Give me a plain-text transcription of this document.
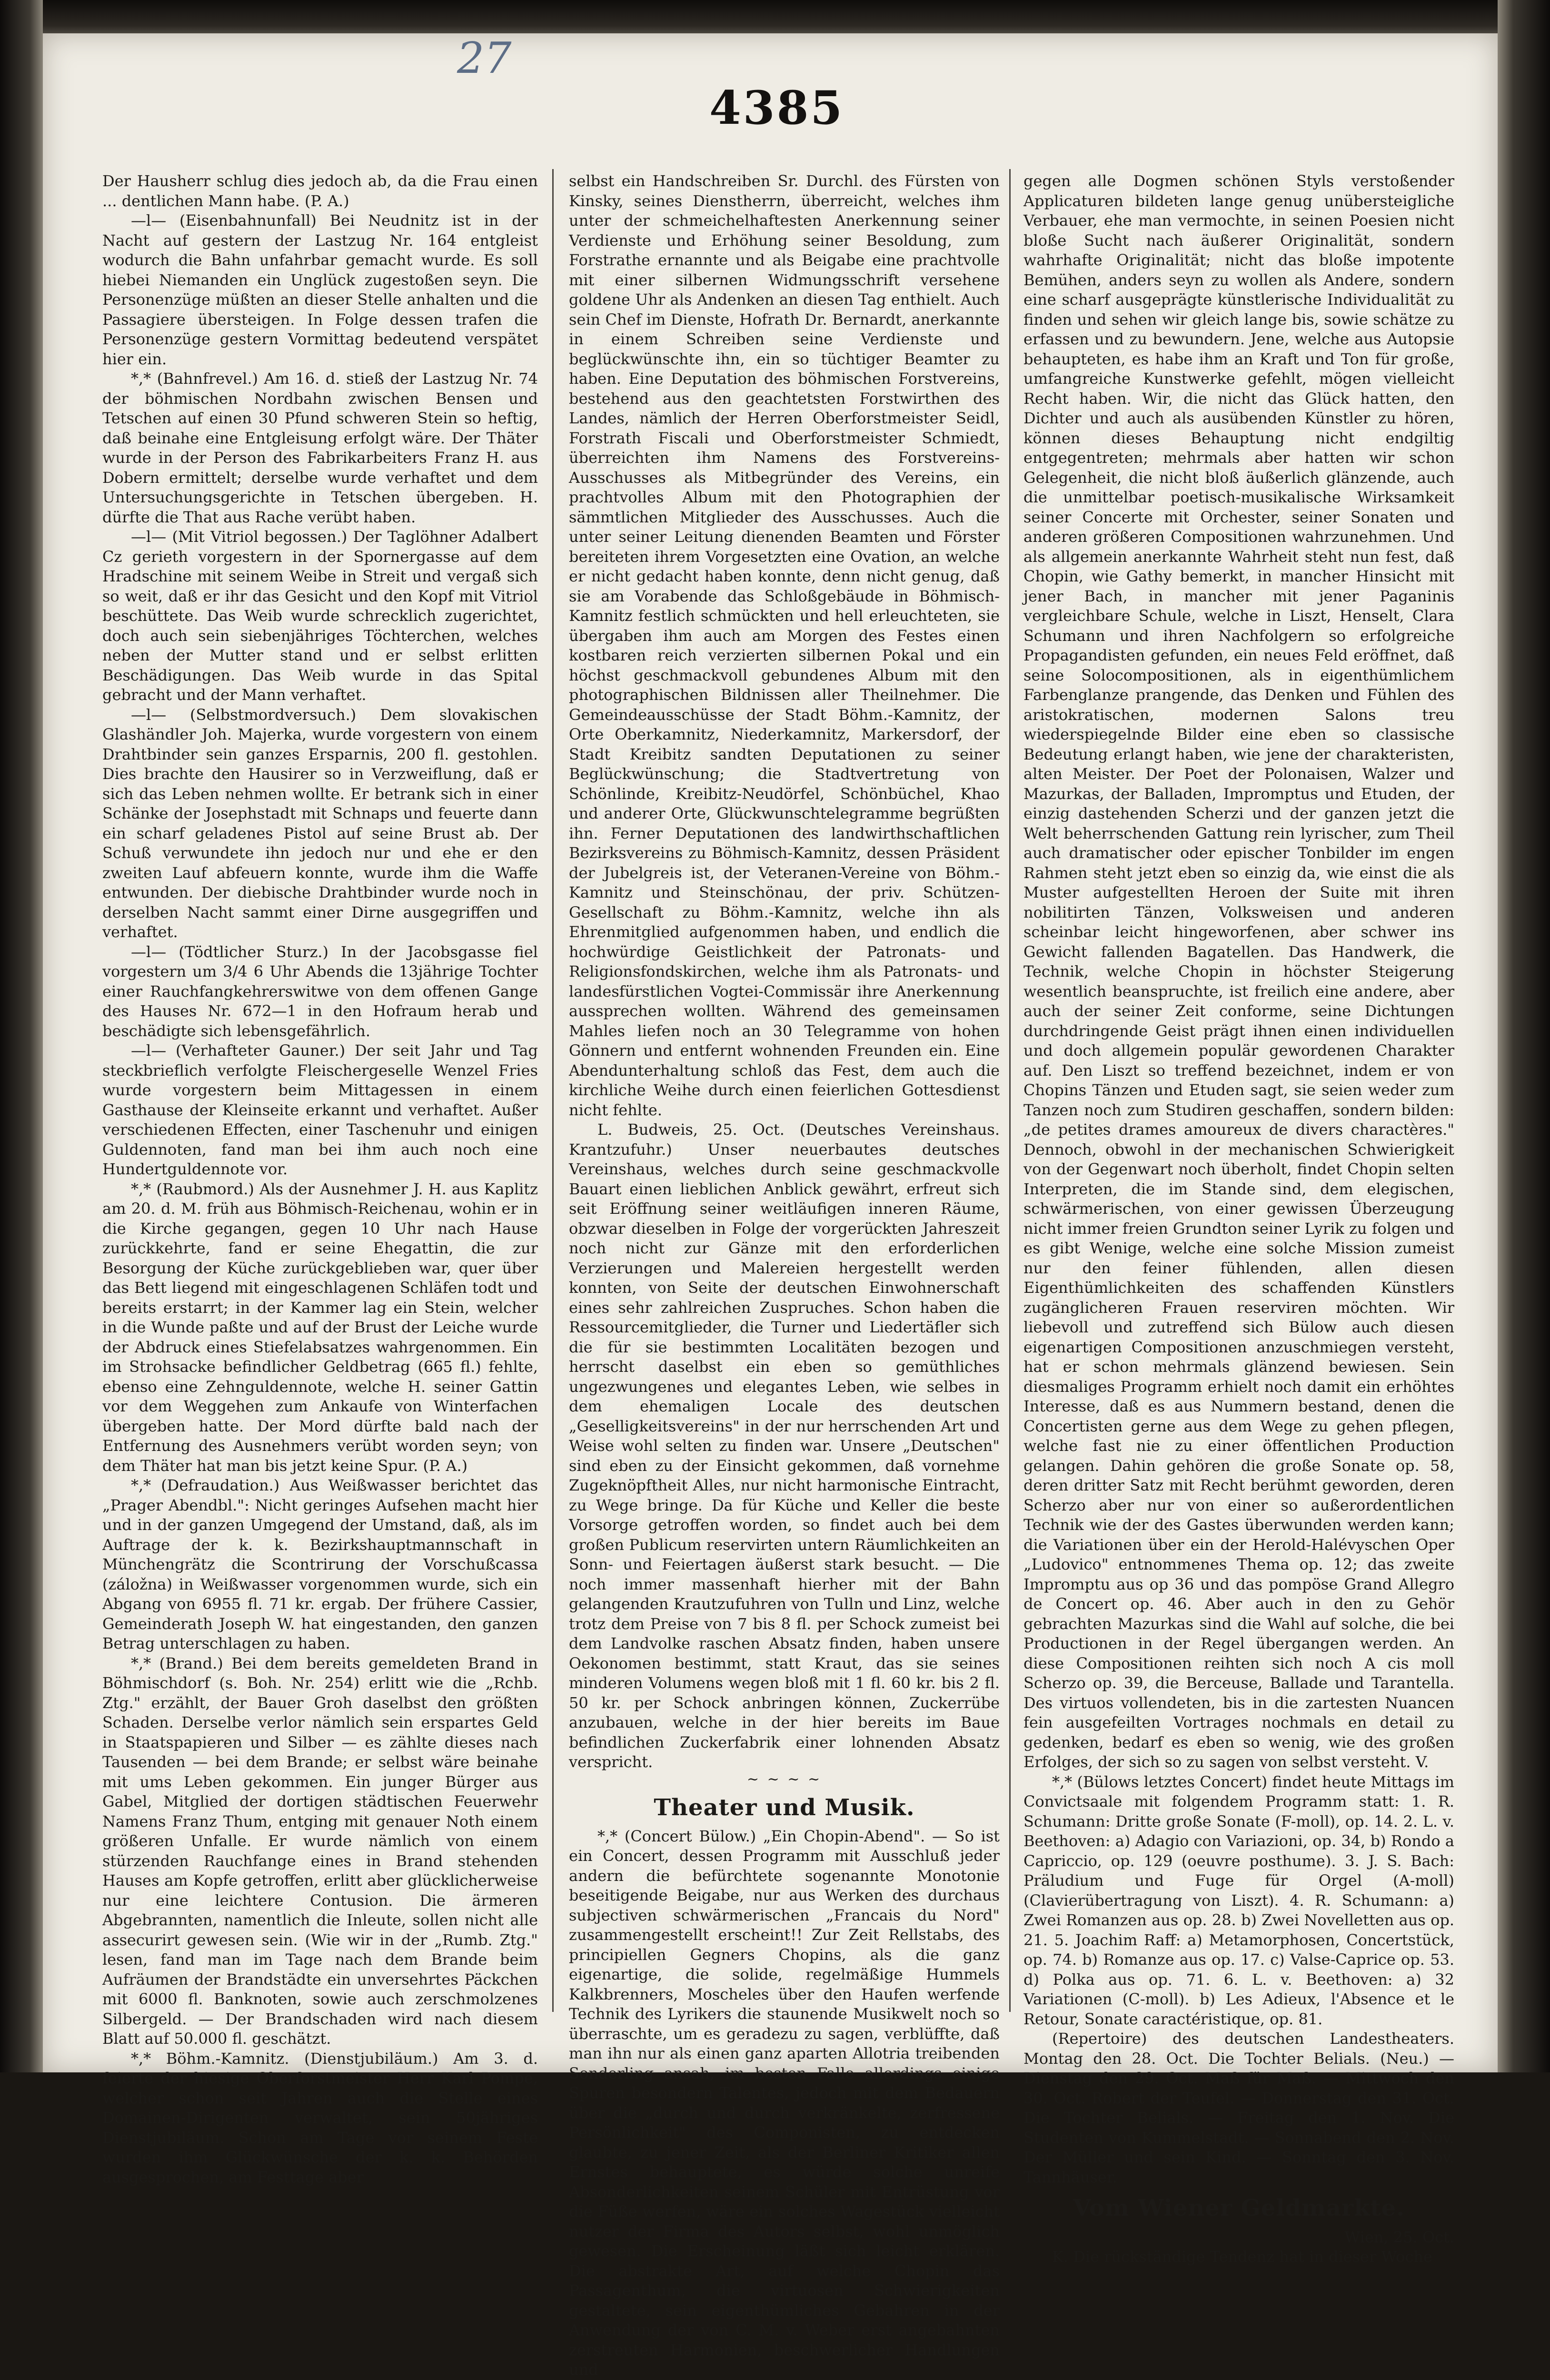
27
4385

Der Hausherr schlug dies jedoch ab, da die Frau einen ... dentlichen Mann habe. (P. A.)

—l— (Eisenbahnunfall) Bei Neudnitz ist in der Nacht auf gestern der Lastzug Nr. 164 entgleist wodurch die Bahn unfahrbar gemacht wurde. Es soll hiebei Niemanden ein Unglück zugestoßen seyn. Die Personenzüge müßten an dieser Stelle anhalten und die Passagiere übersteigen. In Folge dessen trafen die Personenzüge gestern Vormittag bedeutend verspätet hier ein.

*,* (Bahnfrevel.) Am 16. d. stieß der Lastzug Nr. 74 der böhmischen Nordbahn zwischen Bensen und Tetschen auf einen 30 Pfund schweren Stein so heftig, daß beinahe eine Entgleisung erfolgt wäre. Der Thäter wurde in der Person des Fabrikarbeiters Franz H. aus Dobern ermittelt; derselbe wurde verhaftet und dem Untersuchungsgerichte in Tetschen übergeben. H. dürfte die That aus Rache verübt haben.

—l— (Mit Vitriol begossen.) Der Taglöhner Adalbert Cz gerieth vorgestern in der Spornergasse auf dem Hradschine mit seinem Weibe in Streit und vergaß sich so weit, daß er ihr das Gesicht und den Kopf mit Vitriol beschüttete. Das Weib wurde schrecklich zugerichtet, doch auch sein siebenjähriges Töchterchen, welches neben der Mutter stand und er selbst erlitten Beschädigungen. Das Weib wurde in das Spital gebracht und der Mann verhaftet.

—l— (Selbstmordversuch.) Dem slovakischen Glashändler Joh. Majerka, wurde vorgestern von einem Drahtbinder sein ganzes Ersparnis, 200 fl. gestohlen. Dies brachte den Hausirer so in Verzweiflung, daß er sich das Leben nehmen wollte. Er betrank sich in einer Schänke der Josephstadt mit Schnaps und feuerte dann ein scharf geladenes Pistol auf seine Brust ab. Der Schuß verwundete ihn jedoch nur und ehe er den zweiten Lauf abfeuern konnte, wurde ihm die Waffe entwunden. Der diebische Drahtbinder wurde noch in derselben Nacht sammt einer Dirne ausgegriffen und verhaftet.

—l— (Tödtlicher Sturz.) In der Jacobsgasse fiel vorgestern um 3/4 6 Uhr Abends die 13jährige Tochter einer Rauchfangkehrerswitwe von dem offenen Gange des Hauses Nr. 672—1 in den Hofraum herab und beschädigte sich lebensgefährlich.

—l— (Verhafteter Gauner.) Der seit Jahr und Tag steckbrieflich verfolgte Fleischergeselle Wenzel Fries wurde vorgestern beim Mittagessen in einem Gasthause der Kleinseite erkannt und verhaftet. Außer verschiedenen Effecten, einer Taschenuhr und einigen Guldennoten, fand man bei ihm auch noch eine Hundertguldennote vor.

*,* (Raubmord.) Als der Ausnehmer J. H. aus Kaplitz am 20. d. M. früh aus Böhmisch-Reichenau, wohin er in die Kirche gegangen, gegen 10 Uhr nach Hause zurückkehrte, fand er seine Ehegattin, die zur Besorgung der Küche zurückgeblieben war, quer über das Bett liegend mit eingeschlagenen Schläfen todt und bereits erstarrt; in der Kammer lag ein Stein, welcher in die Wunde paßte und auf der Brust der Leiche wurde der Abdruck eines Stiefelabsatzes wahrgenommen. Ein im Strohsacke befindlicher Geldbetrag (665 fl.) fehlte, ebenso eine Zehnguldennote, welche H. seiner Gattin vor dem Weggehen zum Ankaufe von Winterfachen übergeben hatte. Der Mord dürfte bald nach der Entfernung des Ausnehmers verübt worden seyn; von dem Thäter hat man bis jetzt keine Spur. (P. A.)

*,* (Defraudation.) Aus Weißwasser berichtet das „Prager Abendbl.": Nicht geringes Aufsehen macht hier und in der ganzen Umgegend der Umstand, daß, als im Auftrage der k. k. Bezirkshauptmannschaft in Münchengrätz die Scontrirung der Vorschußcassa (záložna) in Weißwasser vorgenommen wurde, sich ein Abgang von 6955 fl. 71 kr. ergab. Der frühere Cassier, Gemeinderath Joseph W. hat eingestanden, den ganzen Betrag unterschlagen zu haben.

*,* (Brand.) Bei dem bereits gemeldeten Brand in Böhmischdorf (s. Boh. Nr. 254) erlitt wie die „Rchb. Ztg." erzählt, der Bauer Groh daselbst den größten Schaden. Derselbe verlor nämlich sein erspartes Geld in Staatspapieren und Silber — es zählte dieses nach Tausenden — bei dem Brande; er selbst wäre beinahe mit ums Leben gekommen. Ein junger Bürger aus Gabel, Mitglied der dortigen städtischen Feuerwehr Namens Franz Thum, entging mit genauer Noth einem größeren Unfalle. Er wurde nämlich von einem stürzenden Rauchfange eines in Brand stehenden Hauses am Kopfe getroffen, erlitt aber glücklicherweise nur eine leichtere Contusion. Die ärmeren Abgebrannten, namentlich die Inleute, sollen nicht alle assecurirt gewesen sein. (Wie wir in der „Rumb. Ztg." lesen, fand man im Tage nach dem Brande beim Aufräumen der Brandstädte ein unversehrtes Päckchen mit 6000 fl. Banknoten, sowie auch zerschmolzenes Silbergeld. — Der Brandschaden wird nach diesem Blatt auf 50.000 fl. geschätzt.

*,* Böhm.-Kamnitz. (Dienstjubiläum.) Am 3. d. feierte der hiesige Oberforstmeister Herr Karl Pompe, welcher schon seit Jahren auch die Stelle eines Domainen-Dirigenten verwaltet, sein 50jähriges Dienstjubiläum. Schon am Tage vor seinem Feste wurden ihm Glückwünsche der k. k. Behörden ausgesprochen, am Festtage aber

selbst ein Handschreiben Sr. Durchl. des Fürsten von Kinsky, seines Dienstherrn, überreicht, welches ihm unter der schmeichelhaftesten Anerkennung seiner Verdienste und Erhöhung seiner Besoldung, zum Forstrathe ernannte und als Beigabe eine prachtvolle mit einer silbernen Widmungsschrift versehene goldene Uhr als Andenken an diesen Tag enthielt. Auch sein Chef im Dienste, Hofrath Dr. Bernardt, anerkannte in einem Schreiben seine Verdienste und beglückwünschte ihn, ein so tüchtiger Beamter zu haben. Eine Deputation des böhmischen Forstvereins, bestehend aus den geachtetsten Forstwirthen des Landes, nämlich der Herren Oberforstmeister Seidl, Forstrath Fiscali und Oberforstmeister Schmiedt, überreichten ihm Namens des Forstvereins-Ausschusses als Mitbegründer des Vereins, ein prachtvolles Album mit den Photographien der sämmtlichen Mitglieder des Ausschusses. Auch die unter seiner Leitung dienenden Beamten und Förster bereiteten ihrem Vorgesetzten eine Ovation, an welche er nicht gedacht haben konnte, denn nicht genug, daß sie am Vorabende das Schloßgebäude in Böhmisch-Kamnitz festlich schmückten und hell erleuchteten, sie übergaben ihm auch am Morgen des Festes einen kostbaren reich verzierten silbernen Pokal und ein höchst geschmackvoll gebundenes Album mit den photographischen Bildnissen aller Theilnehmer. Die Gemeindeausschüsse der Stadt Böhm.-Kamnitz, der Orte Oberkamnitz, Niederkamnitz, Markersdorf, der Stadt Kreibitz sandten Deputationen zu seiner Beglückwünschung; die Stadtvertretung von Schönlinde, Kreibitz-Neudörfel, Schönbüchel, Khao und anderer Orte, Glückwunschtelegramme begrüßten ihn. Ferner Deputationen des landwirthschaftlichen Bezirksvereins zu Böhmisch-Kamnitz, dessen Präsident der Jubelgreis ist, der Veteranen-Vereine von Böhm.-Kamnitz und Steinschönau, der priv. Schützen-Gesellschaft zu Böhm.-Kamnitz, welche ihn als Ehrenmitglied aufgenommen haben, und endlich die hochwürdige Geistlichkeit der Patronats- und Religionsfondskirchen, welche ihm als Patronats- und landesfürstlichen Vogtei-Commissär ihre Anerkennung aussprechen wollten. Während des gemeinsamen Mahles liefen noch an 30 Telegramme von hohen Gönnern und entfernt wohnenden Freunden ein. Eine Abendunterhaltung schloß das Fest, dem auch die kirchliche Weihe durch einen feierlichen Gottesdienst nicht fehlte.

L. Budweis, 25. Oct. (Deutsches Vereinshaus. Krantzufuhr.) Unser neuerbautes deutsches Vereinshaus, welches durch seine geschmackvolle Bauart einen lieblichen Anblick gewährt, erfreut sich seit Eröffnung seiner weitläufigen inneren Räume, obzwar dieselben in Folge der vorgerückten Jahreszeit noch nicht zur Gänze mit den erforderlichen Verzierungen und Malereien hergestellt werden konnten, von Seite der deutschen Einwohnerschaft eines sehr zahlreichen Zuspruches. Schon haben die Ressourcemitglieder, die Turner und Liedertäfler sich die für sie bestimmten Localitäten bezogen und herrscht daselbst ein eben so gemüthliches ungezwungenes und elegantes Leben, wie selbes in dem ehemaligen Locale des deutschen „Geselligkeitsvereins" in der nur herrschenden Art und Weise wohl selten zu finden war. Unsere „Deutschen" sind eben zu der Einsicht gekommen, daß vornehme Zugeknöpftheit Alles, nur nicht harmonische Eintracht, zu Wege bringe. Da für Küche und Keller die beste Vorsorge getroffen worden, so findet auch bei dem großen Publicum reservirten untern Räumlichkeiten an Sonn- und Feiertagen äußerst stark besucht. — Die noch immer massenhaft hierher mit der Bahn gelangenden Krautzufuhren von Tulln und Linz, welche trotz dem Preise von 7 bis 8 fl. per Schock zumeist bei dem Landvolke raschen Absatz finden, haben unsere Oekonomen bestimmt, statt Kraut, das sie seines minderen Volumens wegen bloß mit 1 fl. 60 kr. bis 2 fl. 50 kr. per Schock anbringen können, Zuckerrübe anzubauen, welche in der hier bereits im Baue befindlichen Zuckerfabrik einer lohnenden Absatz verspricht.

~ ~ ~ ~

Theater und Musik.

*,* (Concert Bülow.) „Ein Chopin-Abend". — So ist ein Concert, dessen Programm mit Ausschluß jeder andern die befürchtete sogenannte Monotonie beseitigende Beigabe, nur aus Werken des durchaus subjectiven schwärmerischen „Francais du Nord" zusammengestellt erscheint!! Zur Zeit Rellstabs, des principiellen Gegners Chopins, als die ganz eigenartige, die solide, regelmäßige Hummels Kalkbrenners, Moscheles über den Haufen werfende Technik des Lyrikers die staunende Musikwelt noch so überraschte, um es geradezu zu sagen, verblüffte, daß man ihn nur als einen ganz aparten Allotria treibenden Sonderling ansah, im besten Falle allerdings einige Spuren besondern Talentes, jedoch mit dem Bedauern über die „durch und durch verkränkelte, zerfressene Persönlichkeit" des Componisten, zu entdecken glaubte, zu jener Zeit, als der Berliner Kritiker allen Ernstes behauptete, es würde solche unreife Absonderlichkeiten seinem Schüler mit Entrüstung vor die Füße werfen, wäre ein solches Wagestück vielleicht nutzer der Firma des Autors selbst, wohl unmöglich gewesen. Die Erscheinung läßt sich leicht erklären. Die abstrakte Art, auf welche Chopin das Passagenthum, die virtuosen Schwierigkeiten gestaltete, sein eigenthümliches Gebahren in der Anwendung der von C. M. v. Weber erst angebahnten zerstreuten Harmonien, beschwerlicher Handlungen und

gegen alle Dogmen schönen Styls verstoßender Applicaturen bildeten lange genug unübersteigliche Verbauer, ehe man vermochte, in seinen Poesien nicht bloße Sucht nach äußerer Originalität, sondern wahrhafte Originalität; nicht das bloße impotente Bemühen, anders seyn zu wollen als Andere, sondern eine scharf ausgeprägte künstlerische Individualität zu finden und sehen wir gleich lange bis, sowie schätze zu erfassen und zu bewundern. Jene, welche aus Autopsie behaupteten, es habe ihm an Kraft und Ton für große, umfangreiche Kunstwerke gefehlt, mögen vielleicht Recht haben. Wir, die nicht das Glück hatten, den Dichter und auch als ausübenden Künstler zu hören, können dieses Behauptung nicht endgiltig entgegentreten; mehrmals aber hatten wir schon Gelegenheit, die nicht bloß äußerlich glänzende, auch die unmittelbar poetisch-musikalische Wirksamkeit seiner Concerte mit Orchester, seiner Sonaten und anderen größeren Compositionen wahrzunehmen. Und als allgemein anerkannte Wahrheit steht nun fest, daß Chopin, wie Gathy bemerkt, in mancher Hinsicht mit jener Bach, in mancher mit jener Paganinis vergleichbare Schule, welche in Liszt, Henselt, Clara Schumann und ihren Nachfolgern so erfolgreiche Propagandisten gefunden, ein neues Feld eröffnet, daß seine Solocompositionen, als in eigenthümlichem Farbenglanze prangende, das Denken und Fühlen des aristokratischen, modernen Salons treu wiederspiegelnde Bilder eine eben so classische Bedeutung erlangt haben, wie jene der charakteristen, alten Meister. Der Poet der Polonaisen, Walzer und Mazurkas, der Balladen, Impromptus und Etuden, der einzig dastehenden Scherzi und der ganzen jetzt die Welt beherrschenden Gattung rein lyrischer, zum Theil auch dramatischer oder epischer Tonbilder im engen Rahmen steht jetzt eben so einzig da, wie einst die als Muster aufgestellten Heroen der Suite mit ihren nobilitirten Tänzen, Volksweisen und anderen scheinbar leicht hingeworfenen, aber schwer ins Gewicht fallenden Bagatellen. Das Handwerk, die Technik, welche Chopin in höchster Steigerung wesentlich beanspruchte, ist freilich eine andere, aber auch der seiner Zeit conforme, seine Dichtungen durchdringende Geist prägt ihnen einen individuellen und doch allgemein populär gewordenen Charakter auf. Den Liszt so treffend bezeichnet, indem er von Chopins Tänzen und Etuden sagt, sie seien weder zum Tanzen noch zum Studiren geschaffen, sondern bilden: „de petites drames amoureux de divers charactères." Dennoch, obwohl in der mechanischen Schwierigkeit von der Gegenwart noch überholt, findet Chopin selten Interpreten, die im Stande sind, dem elegischen, schwärmerischen, von einer gewissen Überzeugung nicht immer freien Grundton seiner Lyrik zu folgen und es gibt Wenige, welche eine solche Mission zumeist nur den feiner fühlenden, allen diesen Eigenthümlichkeiten des schaffenden Künstlers zugänglicheren Frauen reserviren möchten. Wir liebevoll und zutreffend sich Bülow auch diesen eigenartigen Compositionen anzuschmiegen versteht, hat er schon mehrmals glänzend bewiesen. Sein diesmaliges Programm erhielt noch damit ein erhöhtes Interesse, daß es aus Nummern bestand, denen die Concertisten gerne aus dem Wege zu gehen pflegen, welche fast nie zu einer öffentlichen Production gelangen. Dahin gehören die große Sonate op. 58, deren dritter Satz mit Recht berühmt geworden, deren Scherzo aber nur von einer so außerordentlichen Technik wie der des Gastes überwunden werden kann; die Variationen über ein der Herold-Halévyschen Oper „Ludovico" entnommenes Thema op. 12; das zweite Impromptu aus op 36 und das pompöse Grand Allegro de Concert op. 46. Aber auch in den zu Gehör gebrachten Mazurkas sind die Wahl auf solche, die bei Productionen in der Regel übergangen werden. An diese Compositionen reihten sich noch A cis moll Scherzo op. 39, die Berceuse, Ballade und Tarantella. Des virtuos vollendeten, bis in die zartesten Nuancen fein ausgefeilten Vortrages nochmals en detail zu gedenken, bedarf es eben so wenig, wie des großen Erfolges, der sich so zu sagen von selbst versteht. V.

*,* (Bülows letztes Concert) findet heute Mittags im Convictsaale mit folgendem Programm statt: 1. R. Schumann: Dritte große Sonate (F-moll), op. 14. 2. L. v. Beethoven: a) Adagio con Variazioni, op. 34, b) Rondo a Capriccio, op. 129 (oeuvre posthume). 3. J. S. Bach: Präludium und Fuge für Orgel (A-moll) (Clavierübertragung von Liszt). 4. R. Schumann: a) Zwei Romanzen aus op. 28. b) Zwei Novelletten aus op. 21. 5. Joachim Raff: a) Metamorphosen, Concertstück, op. 74. b) Romanze aus op. 17. c) Valse-Caprice op. 53. d) Polka aus op. 71. 6. L. v. Beethoven: a) 32 Variationen (C-moll). b) Les Adieux, l'Absence et le Retour, Sonate caractéristique, op. 81.

(Repertoire) des deutschen Landestheaters. Montag den 28. Oct. Die Tochter Belials. (Neu.) — Dienstag den 29. Oct. Maß für Maß. — Mittwoch den 30. Oct. Robert der Teufel. — Donnerstag den 31. Oct. Die Tochter Belials. — Freitag den 1. Nov. Die Studenten von Kummelstadt. — Sonnabend den 2. Nov. Der Müller und sein Kind. — Sonntag den 3. Nov. Tannhäuser.

Vom Wiener Geldmarkte.

Wien, 25. Oct.

K. Die rückständige Tendenz hat in dieser Woche
